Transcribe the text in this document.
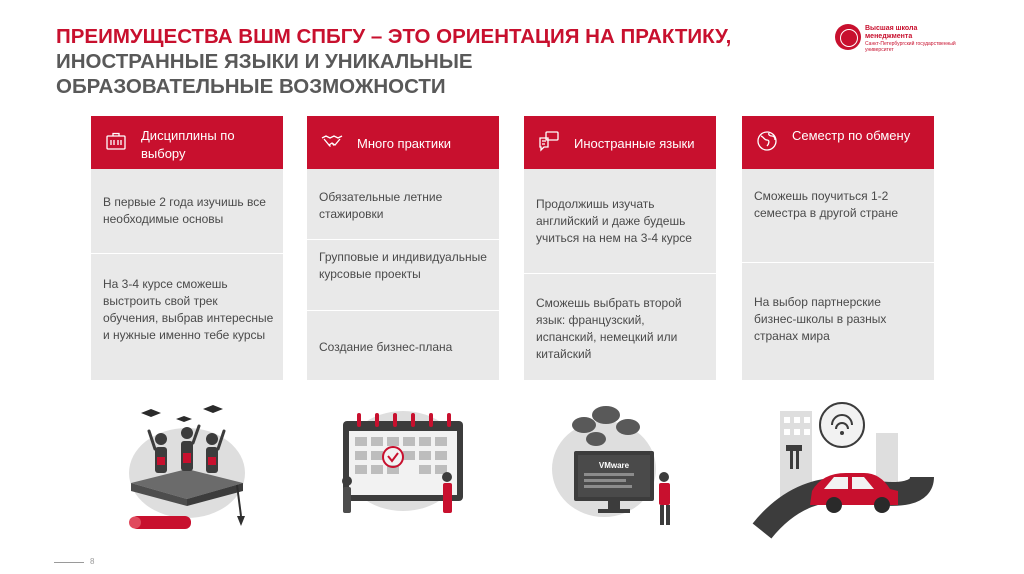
ПРЕИМУЩЕСТВА ВШМ СПБГУ – ЭТО ОРИЕНТАЦИЯ НА ПРАКТИКУ,
ИНОСТРАННЫЕ ЯЗЫКИ И УНИКАЛЬНЫЕ
ОБРАЗОВАТЕЛЬНЫЕ ВОЗМОЖНОСТИ
Высшая школа менеджмента
Санкт-Петербургский государственный университет
Дисциплины по выбору
В первые 2 года изучишь все необходимые основы
На 3-4 курсе сможешь выстроить свой трек обучения, выбрав интересные и нужные именно тебе курсы
Много практики
Обязательные летние стажировки
Групповые и индивидуальные курсовые проекты
Создание бизнес-плана
Иностранные языки
Продолжишь изучать английский и даже будешь учиться на нем на 3-4 курсе
Сможешь выбрать второй язык: французский, испанский, немецкий или китайский
VMware
Семестр по обмену
Сможешь поучиться 1-2 семестра в другой стране
На выбор партнерские бизнес-школы в разных странах мира
8
